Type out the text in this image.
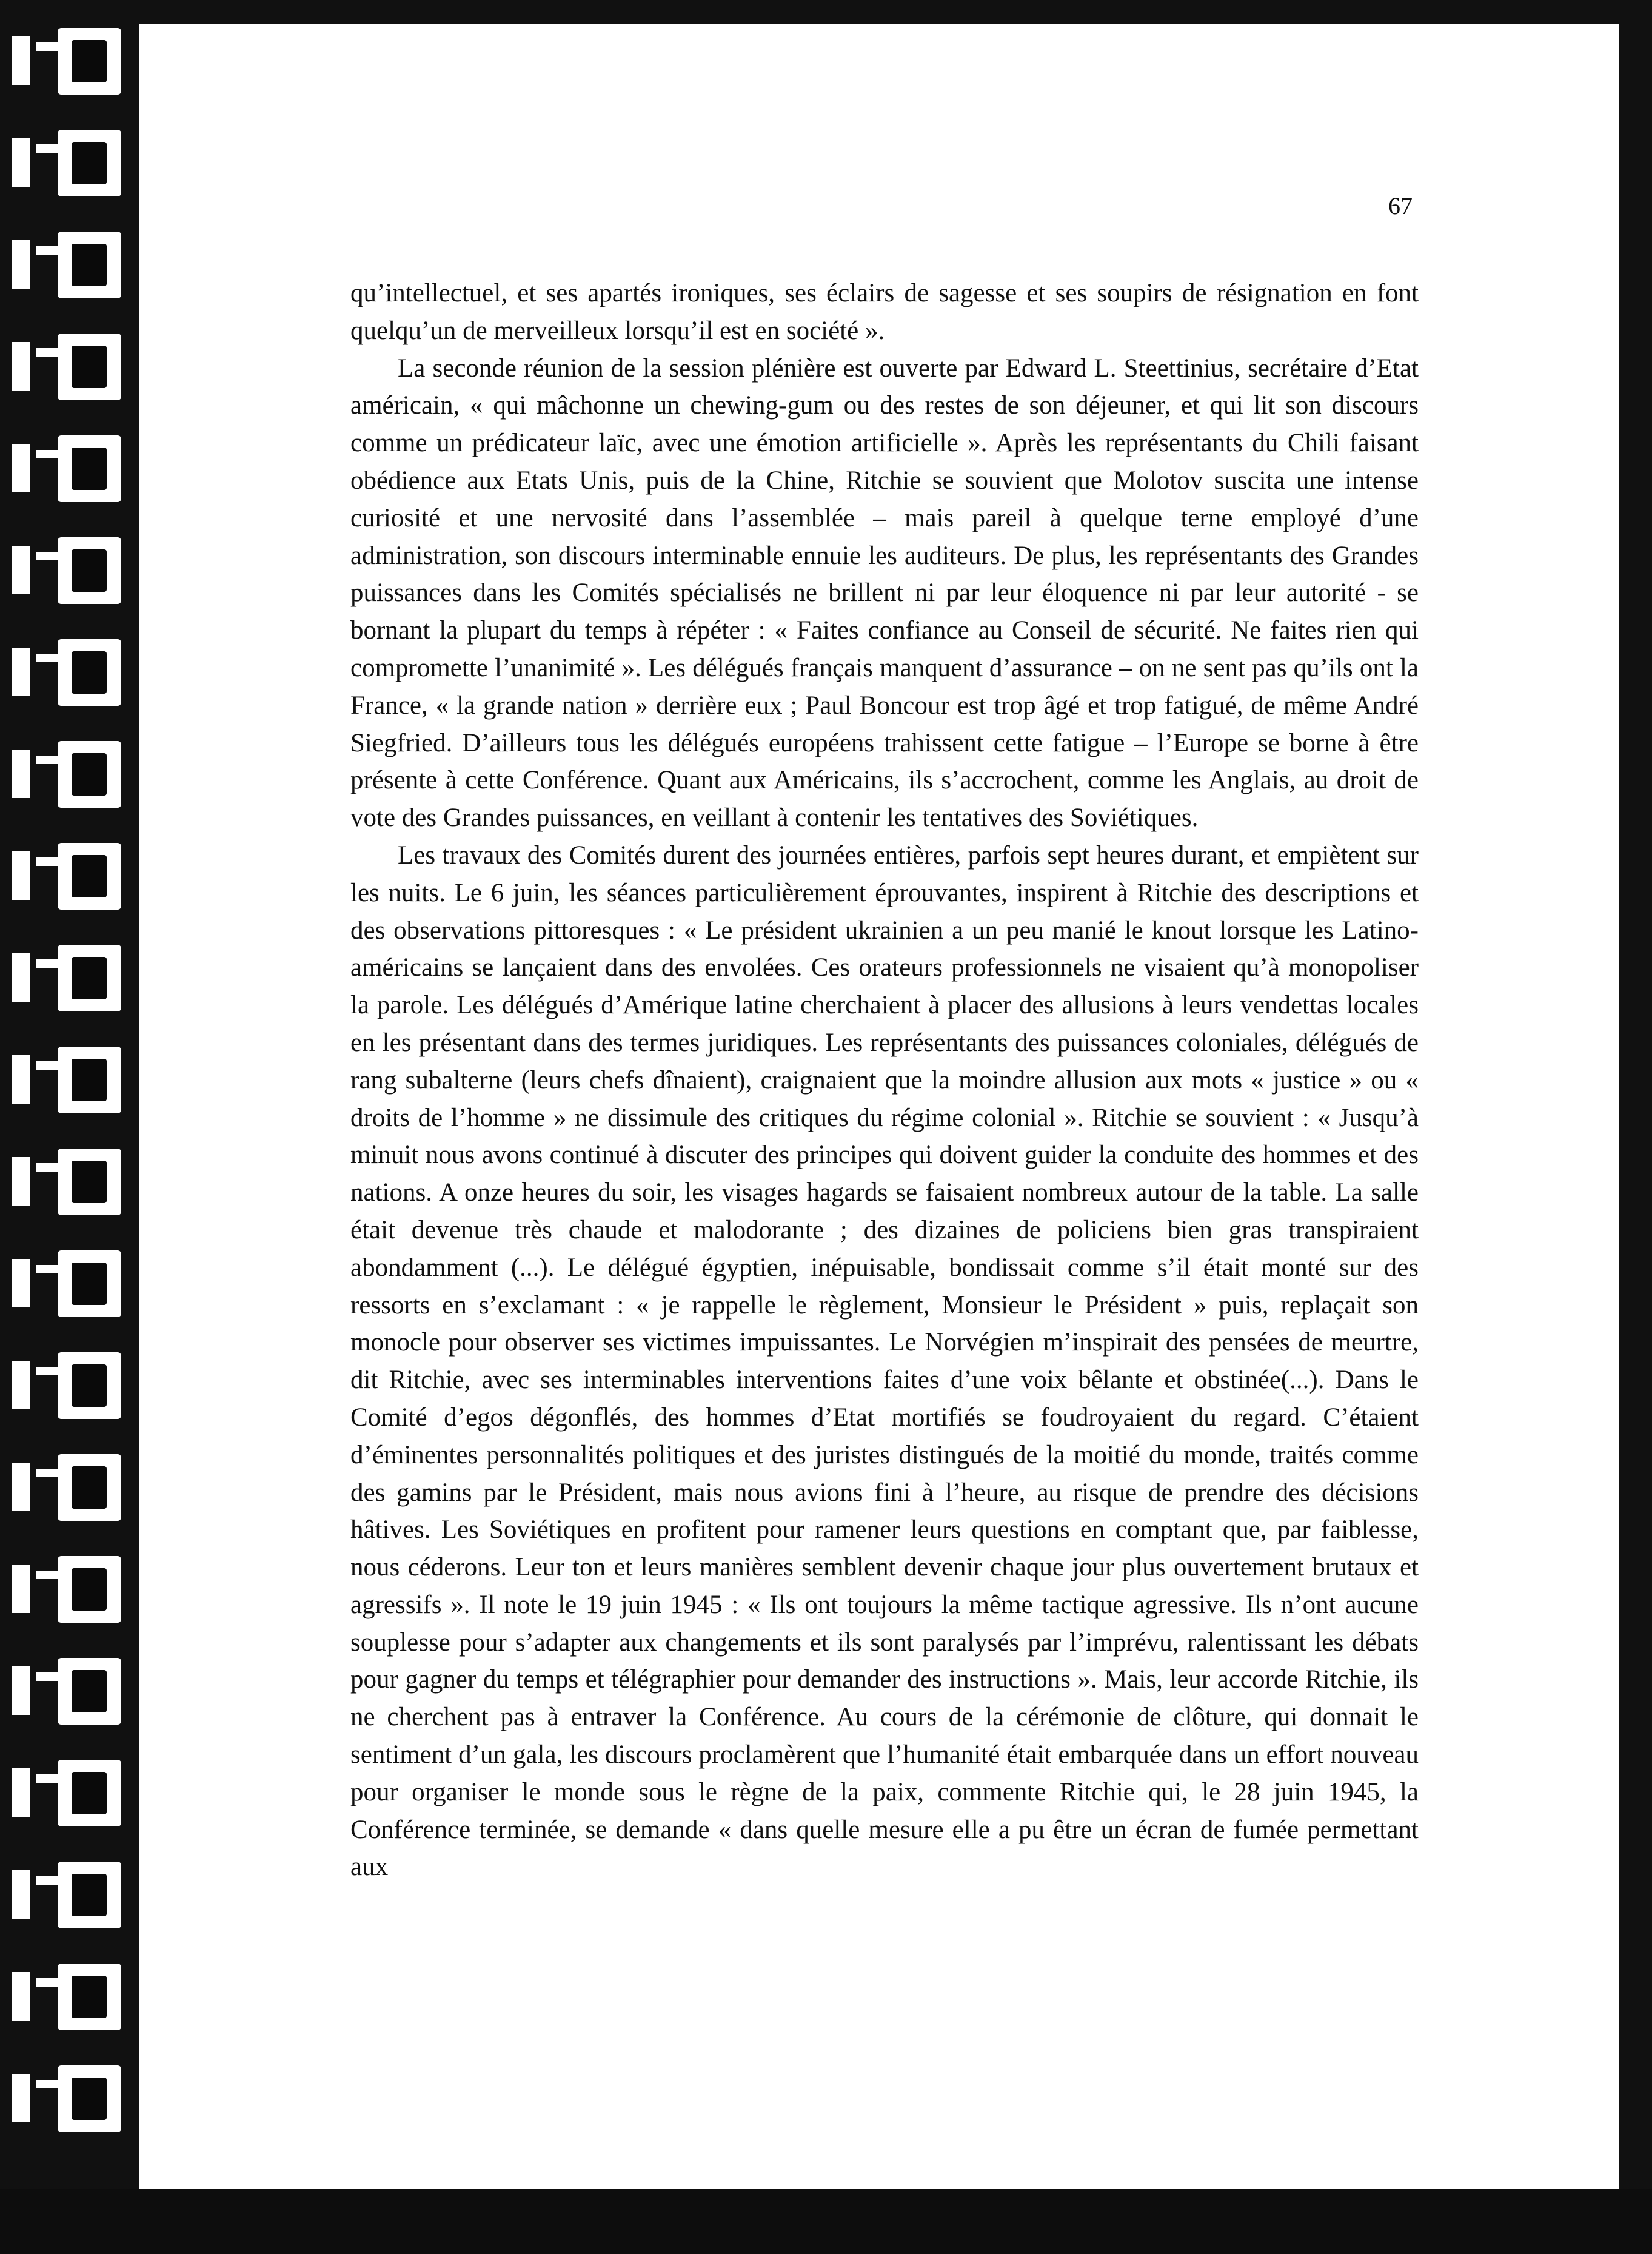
67

qu’intellectuel, et ses apartés ironiques, ses éclairs de sagesse et ses soupirs de résignation en font quelqu’un de merveilleux lorsqu’il est en société ».

La seconde réunion de la session plénière est ouverte par Edward L. Steettinius, secrétaire d’Etat américain, « qui mâchonne un chewing-gum ou des restes de son déjeuner, et qui lit son discours comme un prédicateur laïc, avec une émotion artificielle ». Après les représentants du Chili faisant obédience aux Etats Unis, puis de la Chine, Ritchie se souvient que Molotov suscita une intense curiosité et une nervosité dans l’assemblée – mais pareil à quelque terne employé d’une administration, son discours interminable ennuie les auditeurs. De plus, les représentants des Grandes puissances dans les Comités spécialisés ne brillent ni par leur éloquence ni par leur autorité - se bornant la plupart du temps à répéter : « Faites confiance au Conseil de sécurité. Ne faites rien qui compromette l’unanimité ». Les délégués français manquent d’assurance – on ne sent pas qu’ils ont la France, « la grande nation » derrière eux ; Paul Boncour est trop âgé et trop fatigué, de même André Siegfried. D’ailleurs tous les délégués européens trahissent cette fatigue – l’Europe se borne à être présente à cette Conférence. Quant aux Américains, ils s’accrochent, comme les Anglais, au droit de vote des Grandes puissances, en veillant à contenir les tentatives des Soviétiques.

Les travaux des Comités durent des journées entières, parfois sept heures durant, et empiètent sur les nuits. Le 6 juin, les séances particulièrement éprouvantes, inspirent à Ritchie des descriptions et des observations pittoresques : « Le président ukrainien a un peu manié le knout lorsque les Latino-américains se lançaient dans des envolées. Ces orateurs professionnels ne visaient qu’à monopoliser la parole. Les délégués d’Amérique latine cherchaient à placer des allusions à leurs vendettas locales en les présentant dans des termes juridiques. Les représentants des puissances coloniales, délégués de rang subalterne (leurs chefs dînaient), craignaient que la moindre allusion aux mots « justice » ou « droits de l’homme » ne dissimule des critiques du régime colonial ». Ritchie se souvient : « Jusqu’à minuit nous avons continué à discuter des principes qui doivent guider la conduite des hommes et des nations. A onze heures du soir, les visages hagards se faisaient nombreux autour de la table. La salle était devenue très chaude et malodorante ; des dizaines de policiens bien gras transpiraient abondamment (...). Le délégué égyptien, inépuisable, bondissait comme s’il était monté sur des ressorts en s’exclamant : « je rappelle le règlement, Monsieur le Président » puis, replaçait son monocle pour observer ses victimes impuissantes. Le Norvégien m’inspirait des pensées de meurtre, dit Ritchie, avec ses interminables interventions faites d’une voix bêlante et obstinée(...). Dans le Comité d’egos dégonflés, des hommes d’Etat mortifiés se foudroyaient du regard. C’étaient d’éminentes personnalités politiques et des juristes distingués de la moitié du monde, traités comme des gamins par le Président, mais nous avions fini à l’heure, au risque de prendre des décisions hâtives. Les Soviétiques en profitent pour ramener leurs questions en comptant que, par faiblesse, nous céderons. Leur ton et leurs manières semblent devenir chaque jour plus ouvertement brutaux et agressifs ». Il note le 19 juin 1945 : « Ils ont toujours la même tactique agressive. Ils n’ont aucune souplesse pour s’adapter aux changements et ils sont paralysés par l’imprévu, ralentissant les débats pour gagner du temps et télégraphier pour demander des instructions ». Mais, leur accorde Ritchie, ils ne cherchent pas à entraver la Conférence. Au cours de la cérémonie de clôture, qui donnait le sentiment d’un gala, les discours proclamèrent que l’humanité était embarquée dans un effort nouveau pour organiser le monde sous le règne de la paix, commente Ritchie qui, le 28 juin 1945, la Conférence terminée, se demande « dans quelle mesure elle a pu être un écran de fumée permettant aux
